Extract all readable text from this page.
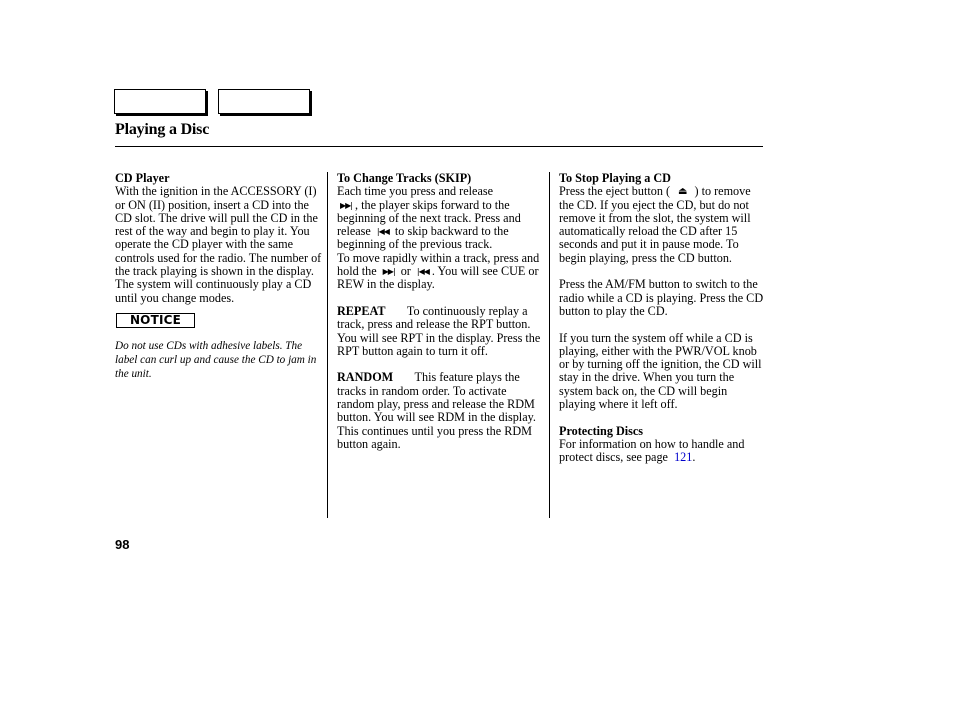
Playing a Disc
CD Player

With the ignition in the ACCESSORY (I) or ON (II) position, insert a CD into the CD slot. The drive will pull the CD in the rest of the way and begin to play it. You operate the CD player with the same controls used for the radio. The number of the track playing is shown in the display. The system will continuously play a CD until you change modes.

NOTICE

Do not use CDs with adhesive labels. The label can curl up and cause the CD to jam in the unit.

To Change Tracks (SKIP)

Each time you press and release
▶▶| , the player skips forward to the beginning of the next track. Press and release |◀◀ to skip backward to the beginning of the previous track.

To move rapidly within a track, press and hold the ▶▶| or |◀◀ . You will see CUE or REW in the display.

REPEAT To continuously replay a track, press and release the RPT button. You will see RPT in the display. Press the RPT button again to turn it off.

RANDOM This feature plays the tracks in random order. To activate random play, press and release the RDM button. You will see RDM in the display. This continues until you press the RDM button again.

To Stop Playing a CD

Press the eject button ( ⏏ ) to remove the CD. If you eject the CD, but do not remove it from the slot, the system will automatically reload the CD after 15 seconds and put it in pause mode. To begin playing, press the CD button.

Press the AM/FM button to switch to the radio while a CD is playing. Press the CD button to play the CD.

If you turn the system off while a CD is playing, either with the PWR/VOL knob or by turning off the ignition, the CD will stay in the drive. When you turn the system back on, the CD will begin playing where it left off.

Protecting Discs

For information on how to handle and protect discs, see page 121.

98
